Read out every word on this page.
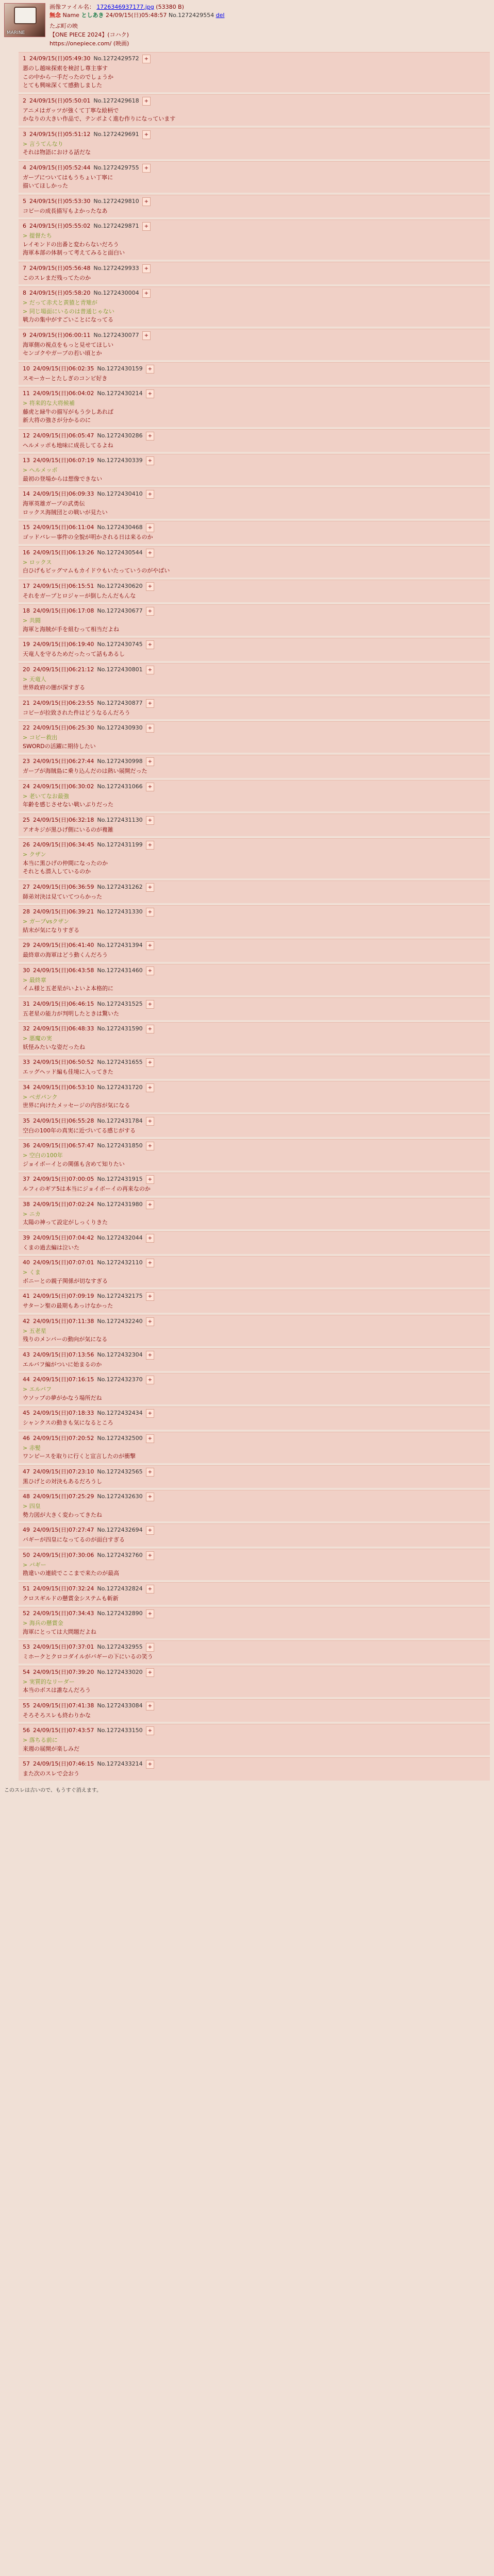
MARINE
画像ファイル名： 1726346937177.jpg (53380 B)
無念 Name としあき 24/09/15(日)05:48:57 No.1272429554 del
たぶ町の映
【ONE PIECE 2024】(コハク)
https://onepiece.com/ (映画)
1 24/09/15(日)05:49:30 No.1272429572	+
悪のし越味探索を検討し尊主事す
この中から一手だったのでしょうか
とても興味深くて感動しました
2 24/09/15(日)05:50:01 No.1272429618	+
アニメはガッツが強くて丁寧な絵柄で
かなりの大きい作品で、テンポよく進む作りになっています
3 24/09/15(日)05:51:12 No.1272429691	+
> 言うてんなり
それは物語における話だな
4 24/09/15(日)05:52:44 No.1272429755	+
ガープについてはもうちょい丁寧に
描いてほしかった
5 24/09/15(日)05:53:30 No.1272429810	+
コビーの成長描写もよかったなあ
6 24/09/15(日)05:55:02 No.1272429871	+
> 提督たち
レイモンドの出番と変わらないだろう
海軍本部の体制って考えてみると面白い
7 24/09/15(日)05:56:48 No.1272429933	+
このスレまだ残ってたのか
8 24/09/15(日)05:58:20 No.1272430004	+
> だって赤犬と黄猿と青雉が
> 同じ場面にいるのは普通じゃない
戦力の集中がすごいことになってる
9 24/09/15(日)06:00:11 No.1272430077	+
海軍側の視点をもっと見せてほしい
センゴクやガープの若い頃とか
10 24/09/15(日)06:02:35 No.1272430159	+
スモーカーとたしぎのコンビ好き
11 24/09/15(日)06:04:02 No.1272430214	+
> 将来的な大将候補
藤虎と緑牛の描写がもう少しあれば
新大将の強さが分かるのに
12 24/09/15(日)06:05:47 No.1272430286	+
ヘルメッポも地味に成長してるよね
13 24/09/15(日)06:07:19 No.1272430339	+
> ヘルメッポ
最初の登場からは想像できない
14 24/09/15(日)06:09:33 No.1272430410	+
海軍英雄ガープの武勇伝
ロックス海賊団との戦いが見たい
15 24/09/15(日)06:11:04 No.1272430468	+
ゴッドバレー事件の全貌が明かされる日は来るのか
16 24/09/15(日)06:13:26 No.1272430544	+
> ロックス
白ひげもビッグマムもカイドウもいたっていうのがやばい
17 24/09/15(日)06:15:51 No.1272430620	+
それをガープとロジャーが倒したんだもんな
18 24/09/15(日)06:17:08 No.1272430677	+
> 共闘
海軍と海賊が手を組むって相当だよね
19 24/09/15(日)06:19:40 No.1272430745	+
天竜人を守るためだったって話もあるし
20 24/09/15(日)06:21:12 No.1272430801	+
> 天竜人
世界政府の闇が深すぎる
21 24/09/15(日)06:23:55 No.1272430877	+
コビーが拉致された件はどうなるんだろう
22 24/09/15(日)06:25:30 No.1272430930	+
> コビー救出
SWORDの活躍に期待したい
23 24/09/15(日)06:27:44 No.1272430998	+
ガープが海賊島に乗り込んだのは熱い展開だった
24 24/09/15(日)06:30:02 No.1272431066	+
> 老いてなお最強
年齢を感じさせない戦いぶりだった
25 24/09/15(日)06:32:18 No.1272431130	+
アオキジが黒ひげ側にいるのが複雑
26 24/09/15(日)06:34:45 No.1272431199	+
> クザン
本当に黒ひげの仲間になったのか
それとも潜入しているのか
27 24/09/15(日)06:36:59 No.1272431262	+
師弟対決は見ていてつらかった
28 24/09/15(日)06:39:21 No.1272431330	+
> ガープvsクザン
結末が気になりすぎる
29 24/09/15(日)06:41:40 No.1272431394	+
最終章の海軍はどう動くんだろう
30 24/09/15(日)06:43:58 No.1272431460	+
> 最終章
イム様と五老星がいよいよ本格的に
31 24/09/15(日)06:46:15 No.1272431525	+
五老星の能力が判明したときは驚いた
32 24/09/15(日)06:48:33 No.1272431590	+
> 悪魔の実
妖怪みたいな姿だったね
33 24/09/15(日)06:50:52 No.1272431655	+
エッグヘッド編も佳境に入ってきた
34 24/09/15(日)06:53:10 No.1272431720	+
> ベガパンク
世界に向けたメッセージの内容が気になる
35 24/09/15(日)06:55:28 No.1272431784	+
空白の100年の真実に近づいてる感じがする
36 24/09/15(日)06:57:47 No.1272431850	+
> 空白の100年
ジョイボーイとの関係も含めて知りたい
37 24/09/15(日)07:00:05 No.1272431915	+
ルフィのギア5は本当にジョイボーイの再来なのか
38 24/09/15(日)07:02:24 No.1272431980	+
> ニカ
太陽の神って設定がしっくりきた
39 24/09/15(日)07:04:42 No.1272432044	+
くまの過去編は泣いた
40 24/09/15(日)07:07:01 No.1272432110	+
> くま
ボニーとの親子関係が切なすぎる
41 24/09/15(日)07:09:19 No.1272432175	+
サターン聖の最期もあっけなかった
42 24/09/15(日)07:11:38 No.1272432240	+
> 五老星
残りのメンバーの動向が気になる
43 24/09/15(日)07:13:56 No.1272432304	+
エルバフ編がついに始まるのか
44 24/09/15(日)07:16:15 No.1272432370	+
> エルバフ
ウソップの夢がかなう場所だね
45 24/09/15(日)07:18:33 No.1272432434	+
シャンクスの動きも気になるところ
46 24/09/15(日)07:20:52 No.1272432500	+
> 赤髪
ワンピースを取りに行くと宣言したのが衝撃
47 24/09/15(日)07:23:10 No.1272432565	+
黒ひげとの対決もあるだろうし
48 24/09/15(日)07:25:29 No.1272432630	+
> 四皇
勢力図が大きく変わってきたね
49 24/09/15(日)07:27:47 No.1272432694	+
バギーが四皇になってるのが面白すぎる
50 24/09/15(日)07:30:06 No.1272432760	+
> バギー
勘違いの連続でここまで来たのが最高
51 24/09/15(日)07:32:24 No.1272432824	+
クロスギルドの懸賞金システムも斬新
52 24/09/15(日)07:34:43 No.1272432890	+
> 海兵の懸賞金
海軍にとっては大問題だよね
53 24/09/15(日)07:37:01 No.1272432955	+
ミホークとクロコダイルがバギーの下にいるの笑う
54 24/09/15(日)07:39:20 No.1272433020	+
> 実質的なリーダー
本当のボスは誰なんだろう
55 24/09/15(日)07:41:38 No.1272433084	+
そろそろスレも終わりかな
56 24/09/15(日)07:43:57 No.1272433150	+
> 落ちる前に
来週の展開が楽しみだ
57 24/09/15(日)07:46:15 No.1272433214	+
また次のスレで会おう
このスレは古いので、もうすぐ消えます。
